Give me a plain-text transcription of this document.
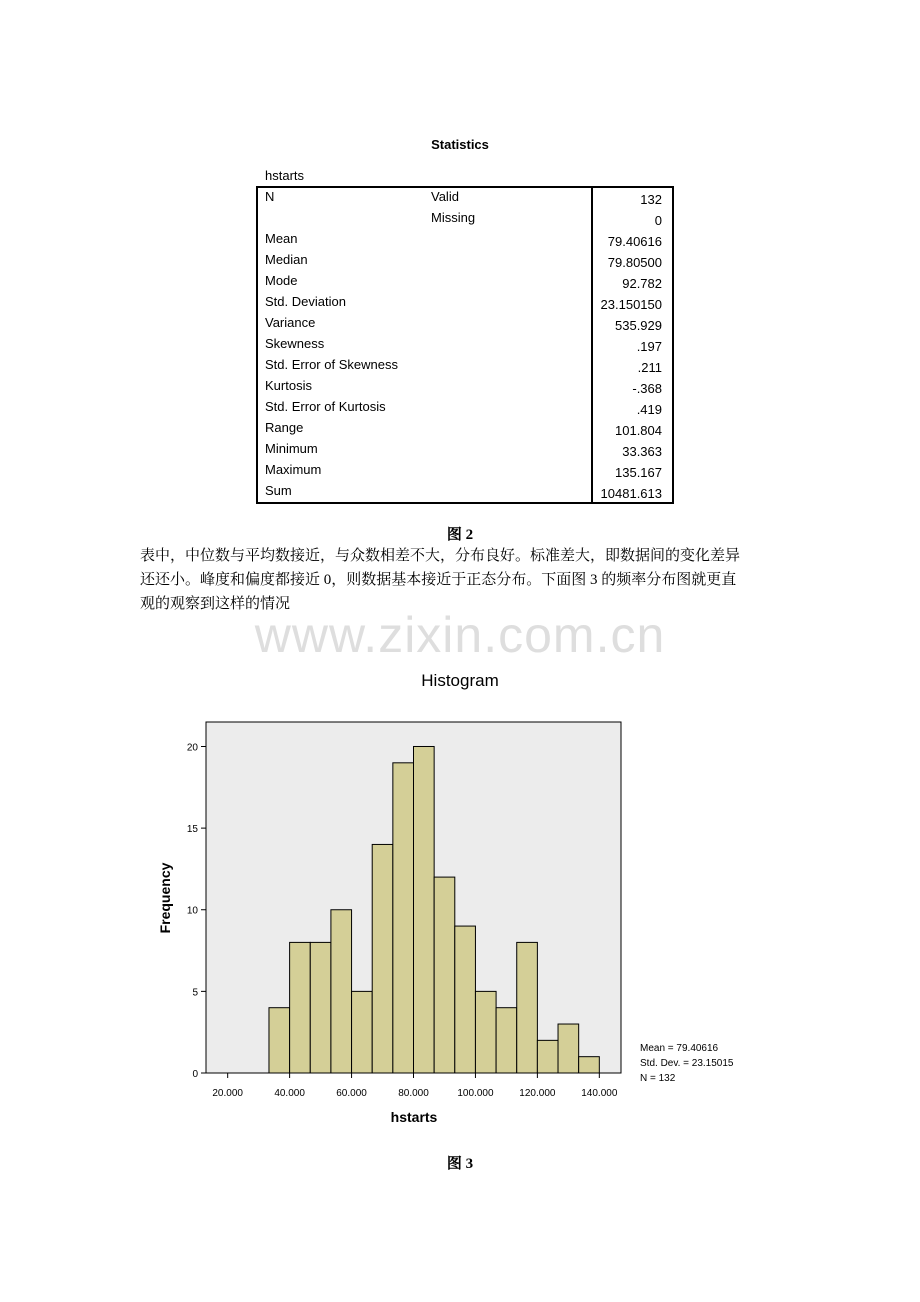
Statistics
hstarts
N	Valid	132
Missing	0
Mean	79.40616
Median	79.80500
Mode	92.782
Std. Deviation	23.150150
Variance	535.929
Skewness	.197
Std. Error of Skewness	.211
Kurtosis	-.368
Std. Error of Kurtosis	.419
Range	101.804
Minimum	33.363
Maximum	135.167
Sum	10481.613
图 2

表中，中位数与平均数接近，与众数相差不大，分布良好。标准差大，即数据间的变化差异

还还小。峰度和偏度都接近 0，则数据基本接近于正态分布。下面图 3 的频率分布图就更直

观的观察到这样的情况

www.zixin.com.cn
Histogram
0
5
10
15
20
20.000	40.000	60.000	80.000	100.000	120.000	140.000
hstarts
Frequency
Mean = 79.40616
Std. Dev. = 23.15015
N = 132
图 3
